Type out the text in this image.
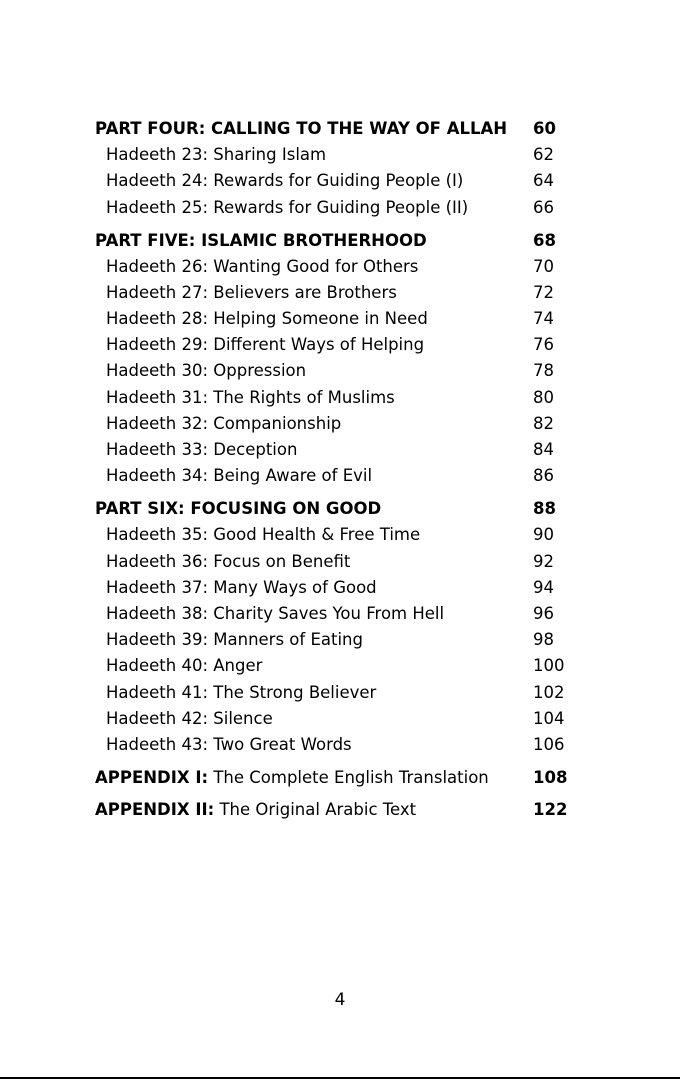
PART FOUR: CALLING TO THE WAY OF ALLAH 60
Hadeeth 23: Sharing Islam	62
Hadeeth 24: Rewards for Guiding People (I)	64
Hadeeth 25: Rewards for Guiding People (II)	66
PART FIVE: ISLAMIC BROTHERHOOD	68
Hadeeth 26: Wanting Good for Others	70
Hadeeth 27: Believers are Brothers	72
Hadeeth 28: Helping Someone in Need	74
Hadeeth 29: Different Ways of Helping	76
Hadeeth 30: Oppression	78
Hadeeth 31: The Rights of Muslims	80
Hadeeth 32: Companionship	82
Hadeeth 33: Deception	84
Hadeeth 34: Being Aware of Evil	86
PART SIX: FOCUSING ON GOOD	88
Hadeeth 35: Good Health & Free Time	90
Hadeeth 36: Focus on Benefit	92
Hadeeth 37: Many Ways of Good	94
Hadeeth 38: Charity Saves You From Hell	96
Hadeeth 39: Manners of Eating	98
Hadeeth 40: Anger	100
Hadeeth 41: The Strong Believer	102
Hadeeth 42: Silence	104
Hadeeth 43: Two Great Words	106
APPENDIX I: The Complete English Translation	108
APPENDIX II: The Original Arabic Text	122
4
